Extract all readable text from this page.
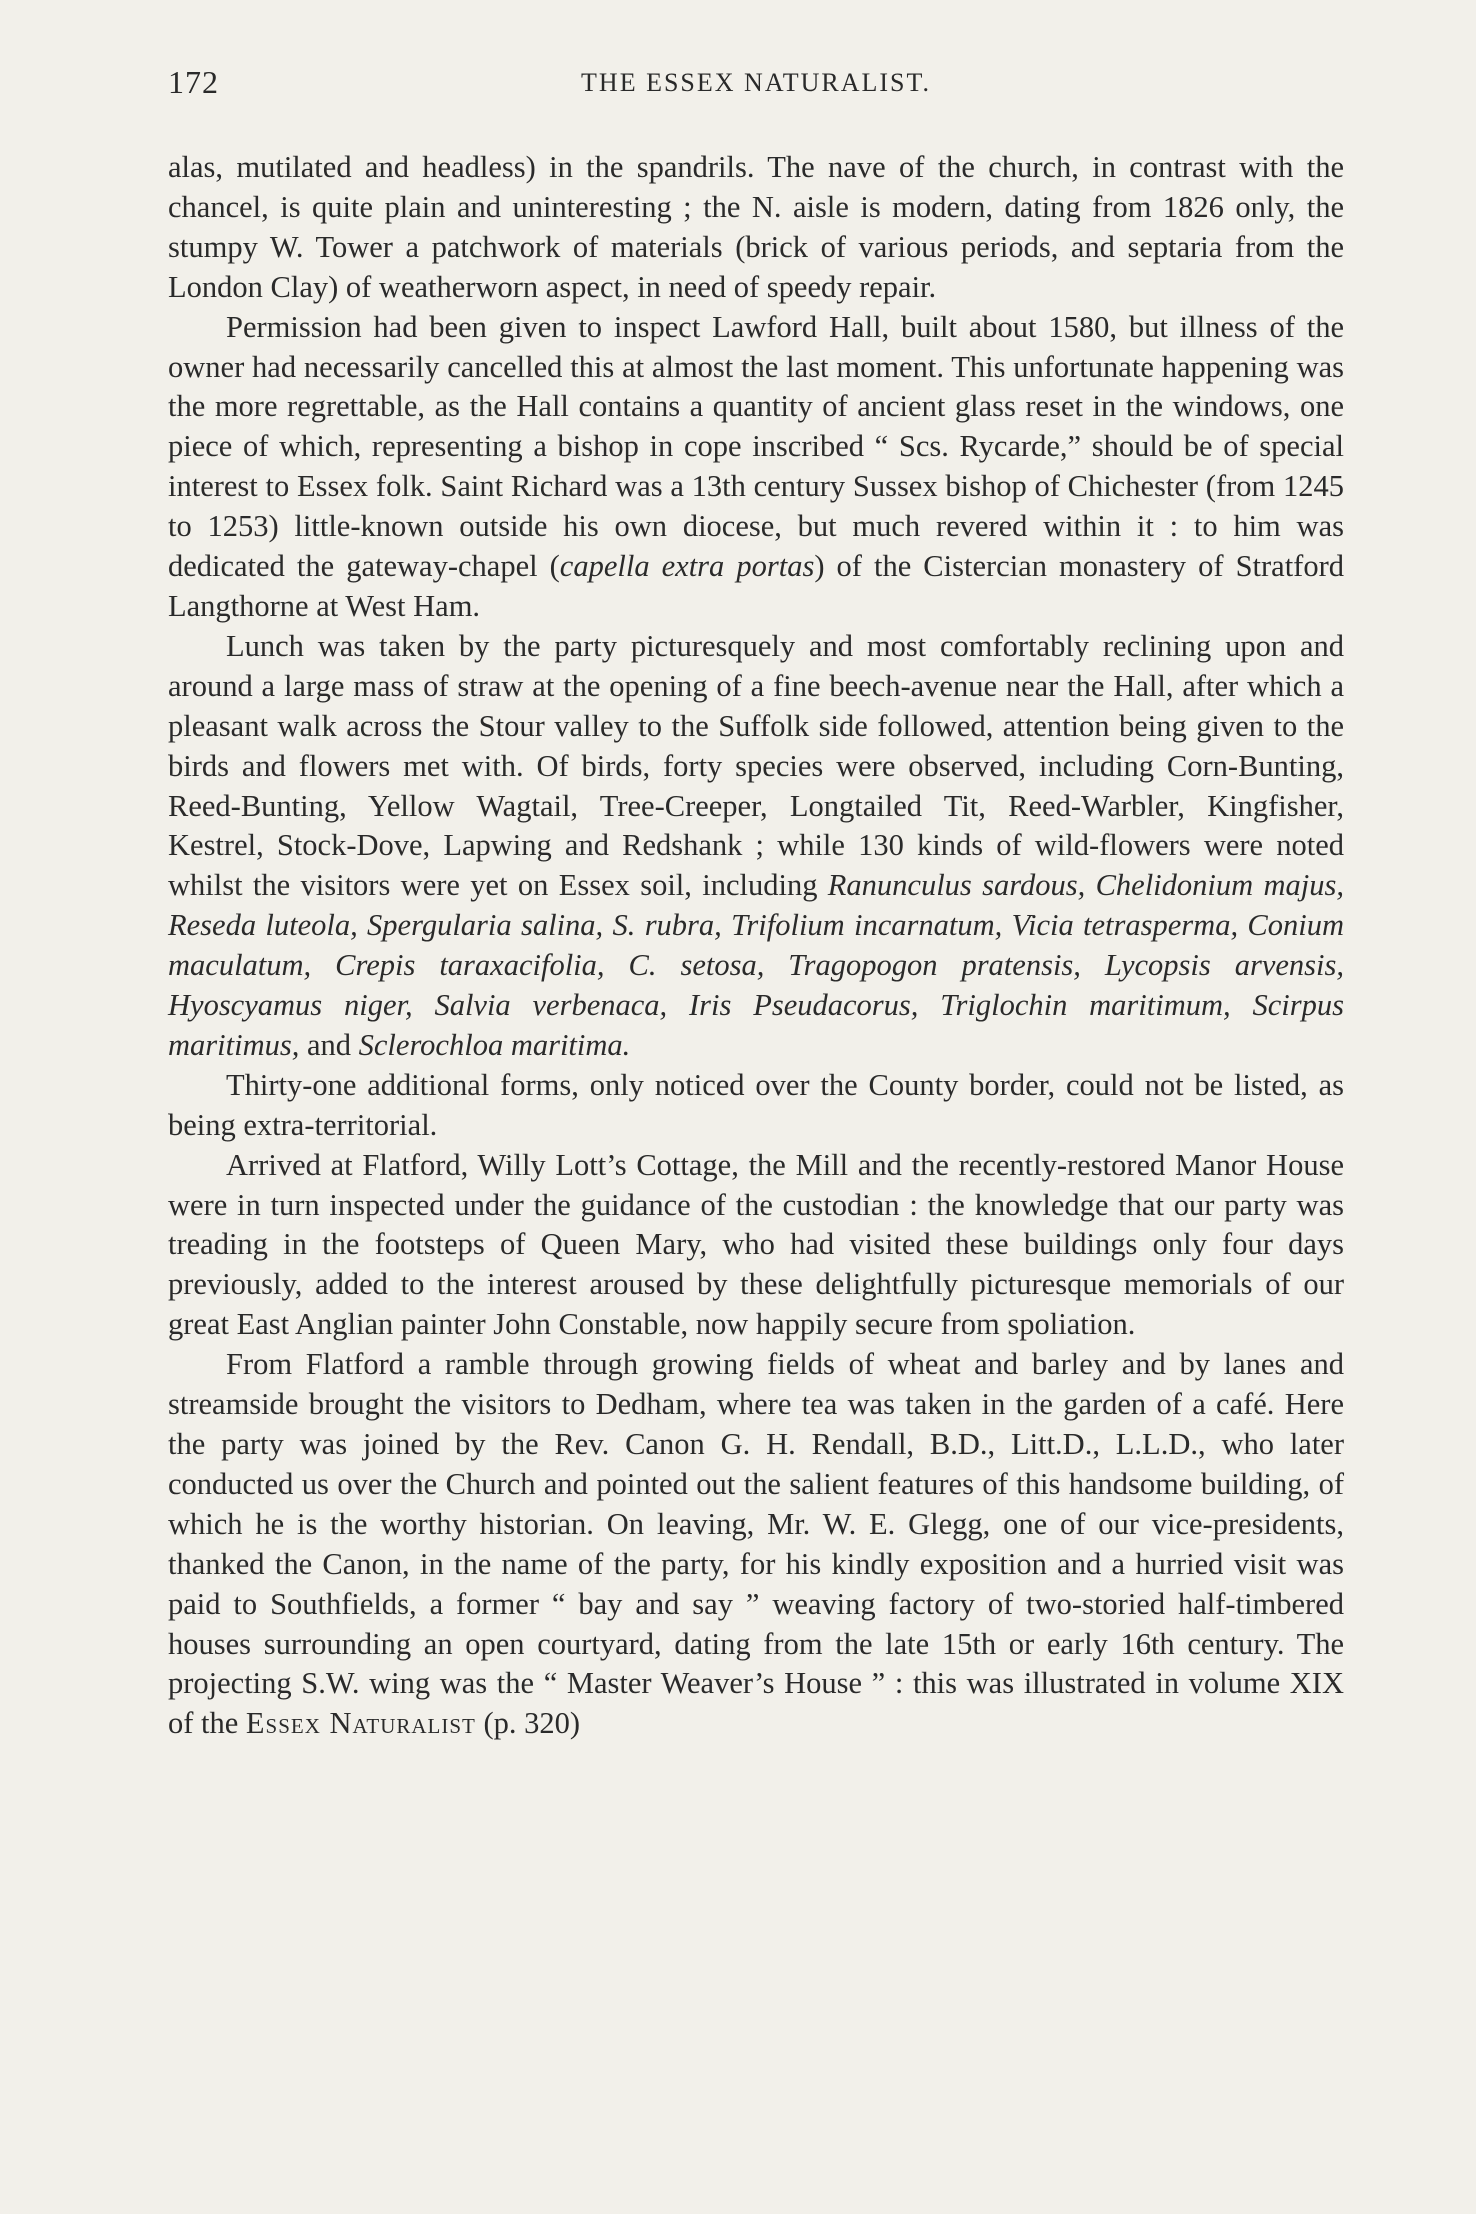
172	THE ESSEX NATURALIST.

alas, mutilated and headless) in the spandrils. The nave of the church, in contrast with the chancel, is quite plain and uninteresting ; the N. aisle is modern, dating from 1826 only, the stumpy W. Tower a patchwork of materials (brick of various periods, and septaria from the London Clay) of weatherworn aspect, in need of speedy repair.

Permission had been given to inspect Lawford Hall, built about 1580, but illness of the owner had necessarily cancelled this at almost the last moment. This unfortunate happening was the more regrettable, as the Hall contains a quantity of ancient glass reset in the windows, one piece of which, representing a bishop in cope inscribed “ Scs. Rycarde,” should be of special interest to Essex folk. Saint Richard was a 13th century Sussex bishop of Chichester (from 1245 to 1253) little-known outside his own diocese, but much revered within it : to him was dedicated the gateway-chapel (capella extra portas) of the Cistercian monastery of Stratford Langthorne at West Ham.

Lunch was taken by the party picturesquely and most comfortably reclining upon and around a large mass of straw at the opening of a fine beech-avenue near the Hall, after which a pleasant walk across the Stour valley to the Suffolk side followed, attention being given to the birds and flowers met with. Of birds, forty species were observed, including Corn-Bunting, Reed-Bunting, Yellow Wagtail, Tree-Creeper, Longtailed Tit, Reed-Warbler, Kingfisher, Kestrel, Stock-Dove, Lapwing and Redshank ; while 130 kinds of wild-flowers were noted whilst the visitors were yet on Essex soil, including Ranunculus sardous, Chelidonium majus, Reseda luteola, Spergularia salina, S. rubra, Trifolium incarnatum, Vicia tetrasperma, Conium maculatum, Crepis taraxacifolia, C. setosa, Tragopogon pratensis, Lycopsis arvensis, Hyoscyamus niger, Salvia verbenaca, Iris Pseudacorus, Triglochin maritimum, Scirpus maritimus, and Sclerochloa maritima.

Thirty-one additional forms, only noticed over the County border, could not be listed, as being extra-territorial.

Arrived at Flatford, Willy Lott’s Cottage, the Mill and the recently-restored Manor House were in turn inspected under the guidance of the custodian : the knowledge that our party was treading in the footsteps of Queen Mary, who had visited these buildings only four days previously, added to the interest aroused by these delightfully picturesque memorials of our great East Anglian painter John Constable, now happily secure from spoliation.

From Flatford a ramble through growing fields of wheat and barley and by lanes and streamside brought the visitors to Dedham, where tea was taken in the garden of a café. Here the party was joined by the Rev. Canon G. H. Rendall, B.D., Litt.D., L.L.D., who later conducted us over the Church and pointed out the salient features of this handsome building, of which he is the worthy historian. On leaving, Mr. W. E. Glegg, one of our vice-presidents, thanked the Canon, in the name of the party, for his kindly exposition and a hurried visit was paid to Southfields, a former “ bay and say ” weaving factory of two-storied half-timbered houses surrounding an open courtyard, dating from the late 15th or early 16th century. The projecting S.W. wing was the “ Master Weaver’s House ” : this was illustrated in volume XIX of the Essex Naturalist (p. 320)
